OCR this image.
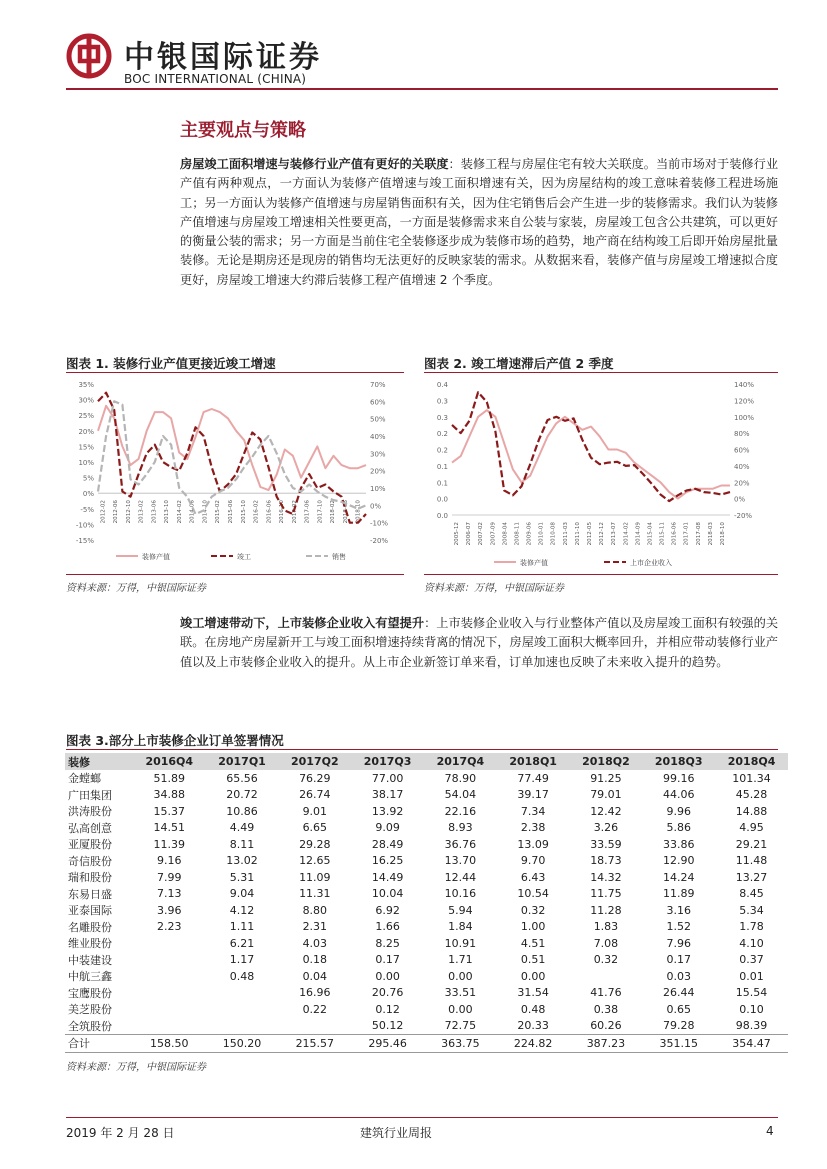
中银国际证券
BOC INTERNATIONAL (CHINA)
主要观点与策略
房屋竣工面积增速与装修行业产值有更好的关联度：装修工程与房屋住宅有较大关联度。当前市场对于装修行业产值有两种观点，一方面认为装修产值增速与竣工面积增速有关，因为房屋结构的竣工意味着装修工程进场施工；另一方面认为装修产值增速与房屋销售面积有关，因为住宅销售后会产生进一步的装修需求。我们认为装修产值增速与房屋竣工增速相关性要更高，一方面是装修需求来自公装与家装，房屋竣工包含公共建筑，可以更好的衡量公装的需求；另一方面是当前住宅全装修逐步成为装修市场的趋势，地产商在结构竣工后即开始房屋批量装修。无论是期房还是现房的销售均无法更好的反映家装的需求。从数据来看，装修产值与房屋竣工增速拟合度更好，房屋竣工增速大约滞后装修工程产值增速 2 个季度。
图表 1. 装修行业产值更接近竣工增速
35%
30%
25%
20%
15%
10%
5%
0%
-5%
-10%
-15%
70%
60%
50%
40%
30%
20%
10%
0%
-10%
-20%
2012-02 2012-06 2012-10 2013-02 2013-06 2013-10 2014-02 2014-06 2014-10 2015-02 2015-06 2015-10 2016-02 2016-06 2016-10 2017-02 2017-06 2017-10 2018-02 2018-06 2018-10
装修产值	竣工	销售
资料来源：万得，中银国际证券
图表 2. 竣工增速滞后产值 2 季度
0.4
0.3
0.3
0.2
0.2
0.1
0.1
0.0
0.0
140%
120%
100%
80%
60%
40%
20%
0%
-20%
2005-12 2006-07 2007-02 2007-09 2008-04 2008-11 2009-06 2010-01 2010-08 2011-03 2011-10 2012-05 2012-12 2013-07 2014-02 2014-09 2015-04 2015-11 2016-06 2017-01 2017-08 2018-03 2018-10
装修产值	上市企业收入
资料来源：万得，中银国际证券
竣工增速带动下，上市装修企业收入有望提升：上市装修企业收入与行业整体产值以及房屋竣工面积有较强的关联。在房地产房屋新开工与竣工面积增速持续背离的情况下，房屋竣工面积大概率回升，并相应带动装修行业产值以及上市装修企业收入的提升。从上市企业新签订单来看，订单加速也反映了未来收入提升的趋势。
图表 3.部分上市装修企业订单签署情况
装修	2016Q4	2017Q1	2017Q2	2017Q3	2017Q4	2018Q1	2018Q2	2018Q3	2018Q4
金螳螂	51.89	65.56	76.29	77.00	78.90	77.49	91.25	99.16	101.34
广田集团	34.88	20.72	26.74	38.17	54.04	39.17	79.01	44.06	45.28
洪涛股份	15.37	10.86	9.01	13.92	22.16	7.34	12.42	9.96	14.88
弘高创意	14.51	4.49	6.65	9.09	8.93	2.38	3.26	5.86	4.95
亚厦股份	11.39	8.11	29.28	28.49	36.76	13.09	33.59	33.86	29.21
奇信股份	9.16	13.02	12.65	16.25	13.70	9.70	18.73	12.90	11.48
瑞和股份	7.99	5.31	11.09	14.49	12.44	6.43	14.32	14.24	13.27
东易日盛	7.13	9.04	11.31	10.04	10.16	10.54	11.75	11.89	8.45
亚泰国际	3.96	4.12	8.80	6.92	5.94	0.32	11.28	3.16	5.34
名雕股份	2.23	1.11	2.31	1.66	1.84	1.00	1.83	1.52	1.78
维业股份		6.21	4.03	8.25	10.91	4.51	7.08	7.96	4.10
中装建设		1.17	0.18	0.17	1.71	0.51	0.32	0.17	0.37
中航三鑫		0.48	0.04	0.00	0.00	0.00		0.03	0.01
宝鹰股份			16.96	20.76	33.51	31.54	41.76	26.44	15.54
美芝股份			0.22	0.12	0.00	0.48	0.38	0.65	0.10
全筑股份				50.12	72.75	20.33	60.26	79.28	98.39
合计	158.50	150.20	215.57	295.46	363.75	224.82	387.23	351.15	354.47
资料来源：万得，中银国际证券
2019 年 2 月 28 日	建筑行业周报	4
